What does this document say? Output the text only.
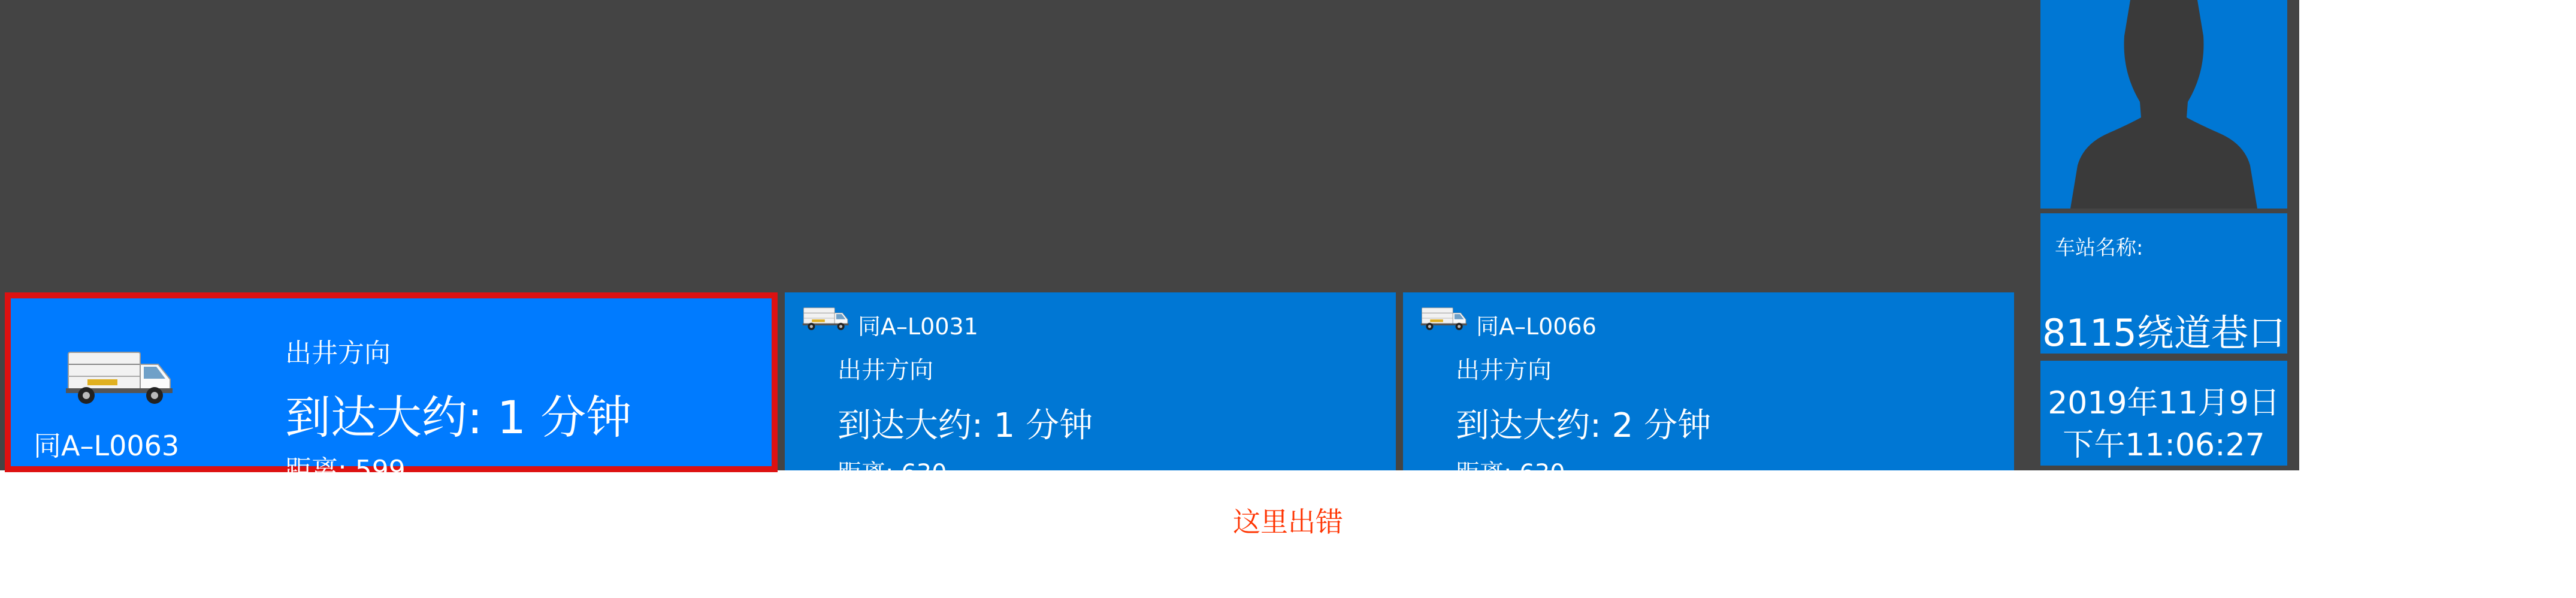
同A–L0063
出井方向
到达大约: 1 分钟
距离: 599
同A–L0031
出井方向
到达大约: 1 分钟
距离: 630
同A–L0066
出井方向
到达大约: 2 分钟
距离: 630
车站名称:
8115绕道巷口
2019年11月9日
下午11:06:27
这里出错
